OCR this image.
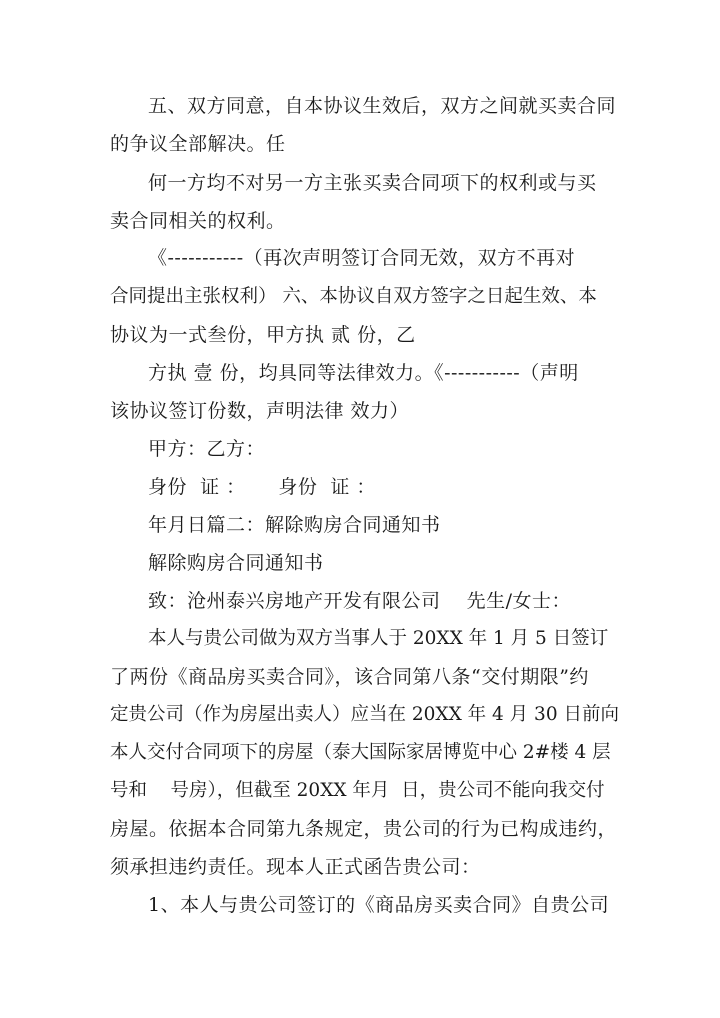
五、双方同意，自本协议生效后，双方之间就买卖合同
的争议全部解决。任
何一方均不对另一方主张买卖合同项下的权利或与买
卖合同相关的权利。
《-----------（再次声明签订合同无效，双方不再对
合同提出主张权利） 六、本协议自双方签字之日起生效、本
协议为一式叁份，甲方执 贰 份，乙
方执 壹 份，均具同等法律效力。《-----------（声明
该协议签订份数，声明法律 效力）
甲方：乙方：
身份  证 ：     身份  证 ：
年月日篇二：解除购房合同通知书
解除购房合同通知书
致：沧州泰兴房地产开发有限公司    先生/女士：
本人与贵公司做为双方当事人于 20XX 年 1 月 5 日签订
了两份《商品房买卖合同》，该合同第八条“交付期限”约
定贵公司（作为房屋出卖人）应当在 20XX 年 4 月 30 日前向
本人交付合同项下的房屋（泰大国际家居博览中心 2#楼 4 层
号和    号房），但截至 20XX 年月  日，贵公司不能向我交付
房屋。依据本合同第九条规定，贵公司的行为已构成违约，
须承担违约责任。现本人正式函告贵公司：
1、本人与贵公司签订的《商品房买卖合同》自贵公司
